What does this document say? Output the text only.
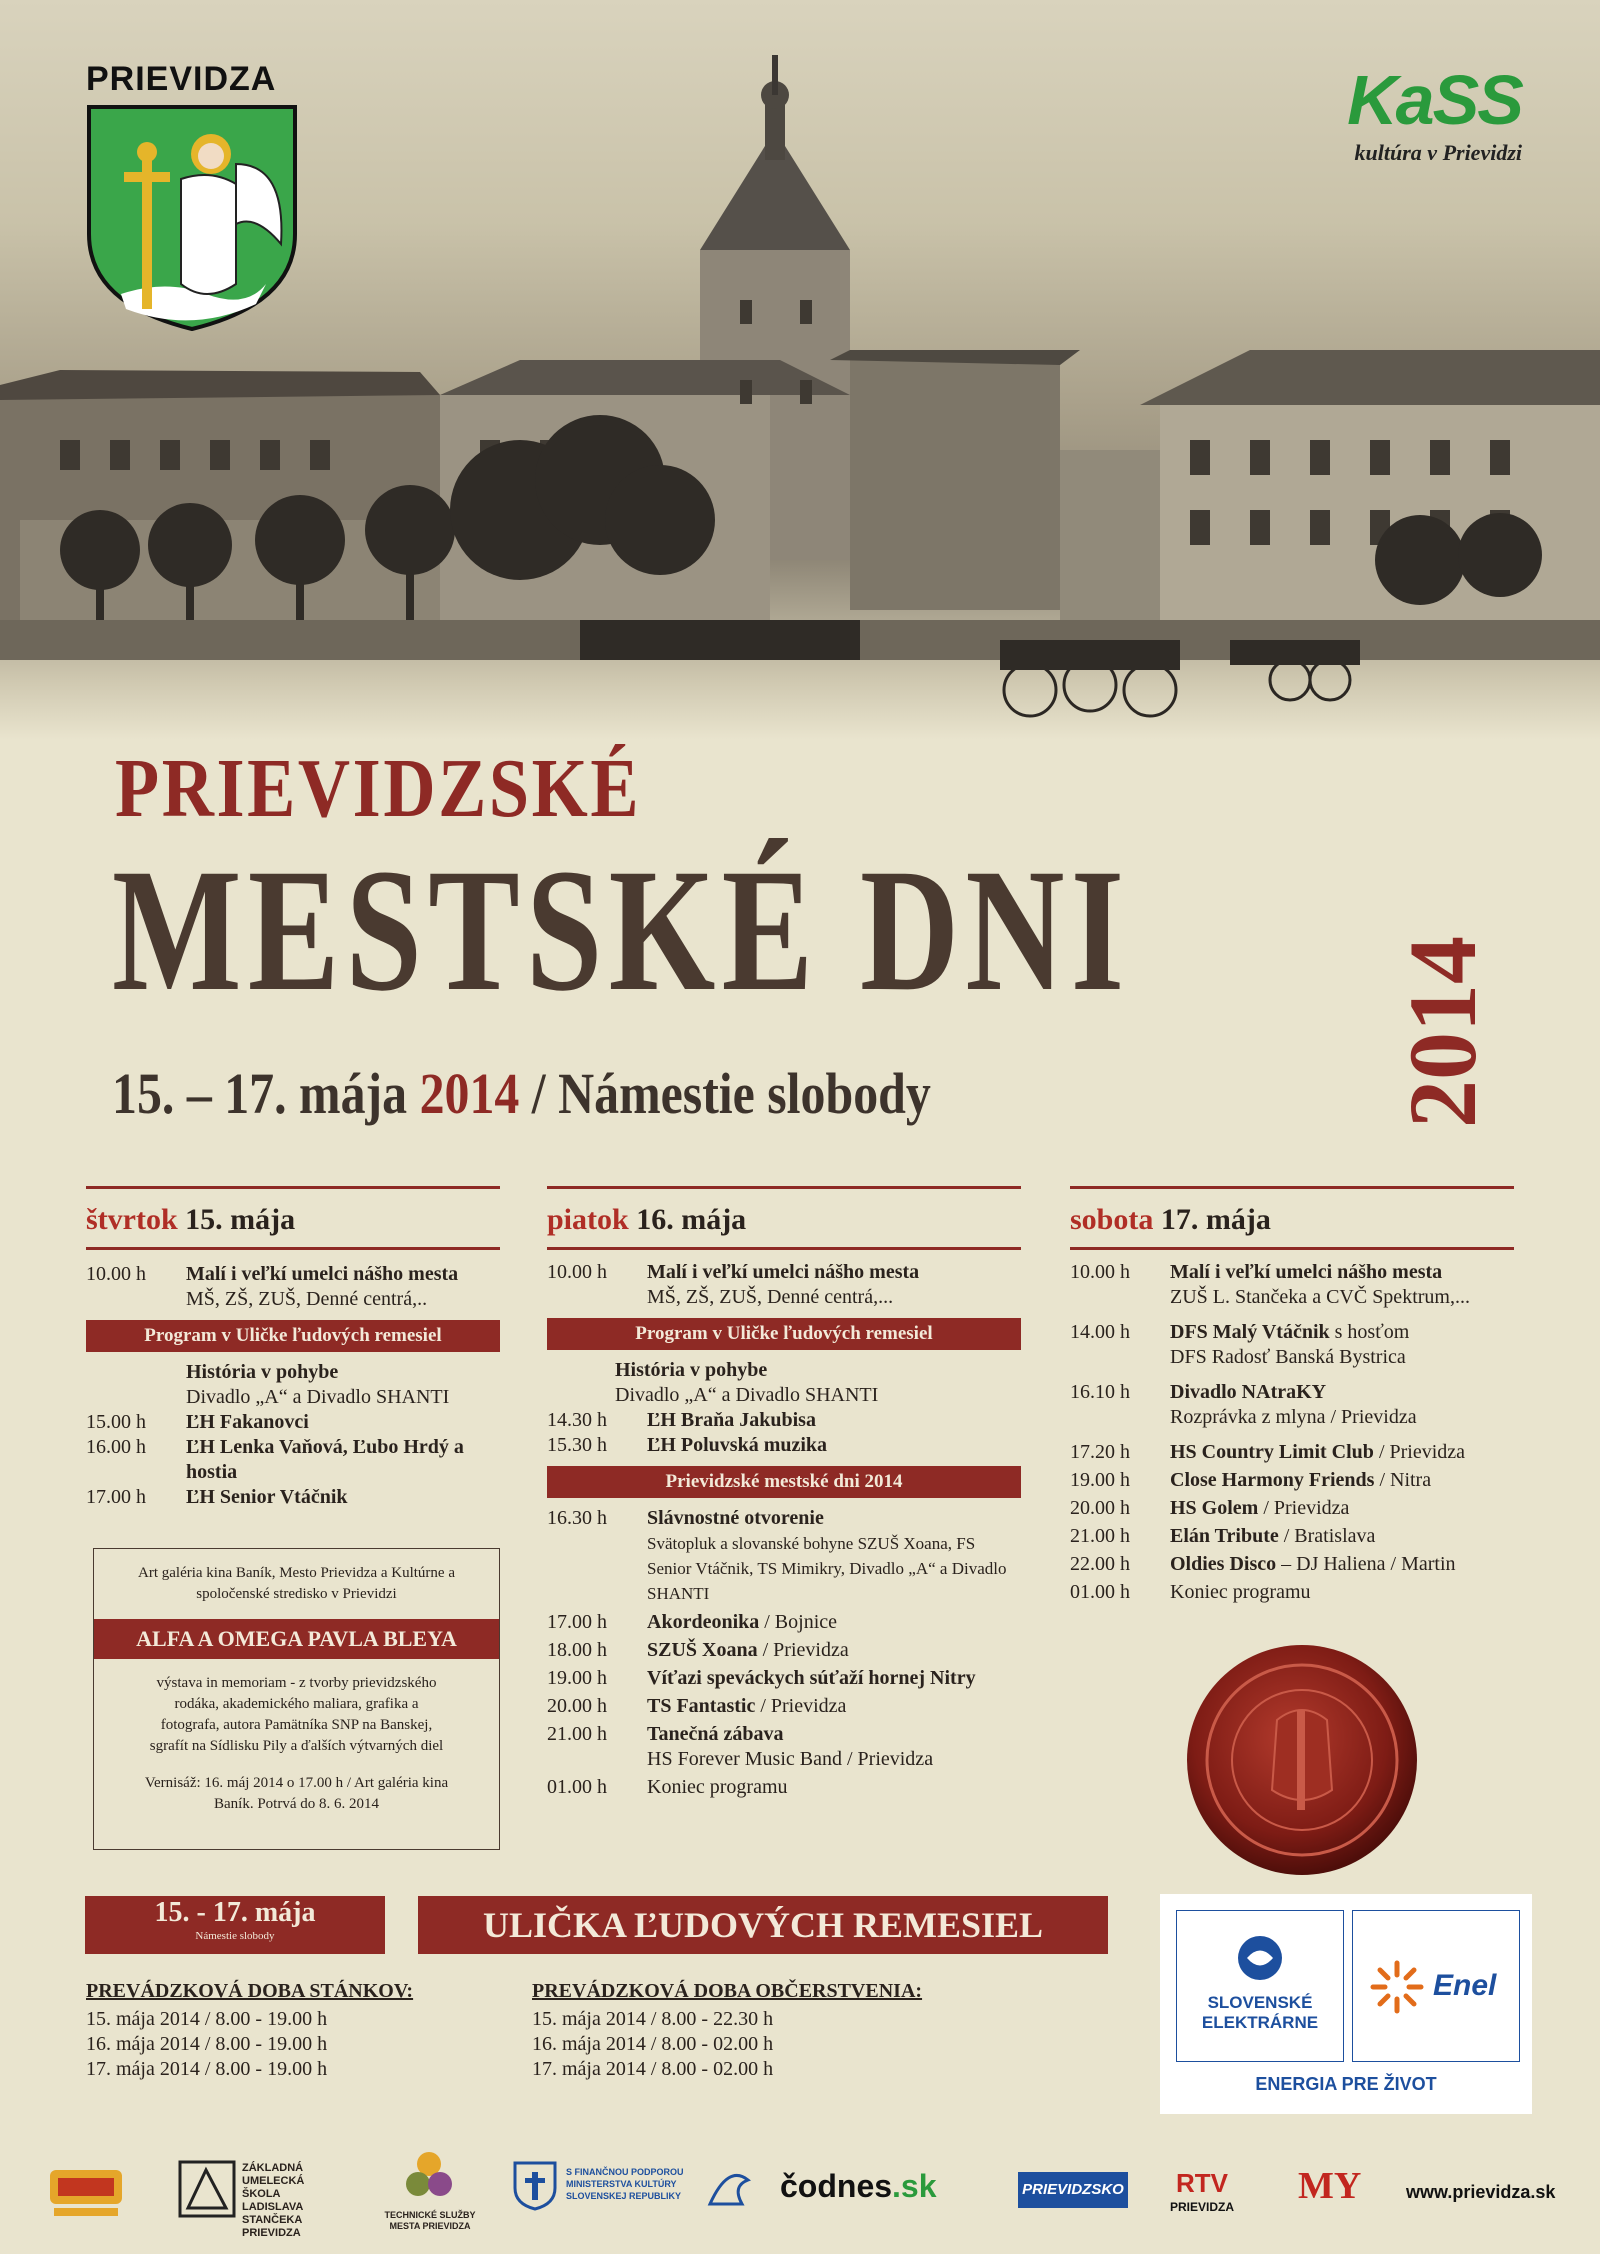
PRIEVIDZA	KaSS
kultúra v Prievidzi
PRIEVIDZSKÉ
MESTSKÉ DNI
15. – 17. mája 2014 / Námestie slobody	2014
štvrtok 15. mája
10.00 h	Malí i veľkí umelci nášho mesta
MŠ, ZŠ, ZUŠ, Denné centrá,..
Program v Uličke ľudových remesiel
História v pohybe
Divadlo „A“ a Divadlo SHANTI
15.00 h	ĽH Fakanovci
16.00 h	ĽH Lenka Vaňová, Ľubo Hrdý a hostia
17.00 h	ĽH Senior Vtáčnik
Art galéria kina Baník, Mesto Prievidza a Kultúrne a spoločenské stredisko v Prievidzi
ALFA A OMEGA PAVLA BLEYA
výstava in memoriam - z tvorby prievidzského rodáka, akademického maliara, grafika a fotografa, autora Pamätníka SNP na Banskej, sgrafít na Sídlisku Pily a ďalších výtvarných diel
Vernisáž: 16. máj 2014 o 17.00 h / Art galéria kina Baník. Potrvá do 8. 6. 2014
piatok 16. mája
10.00 h	Malí i veľkí umelci nášho mesta
MŠ, ZŠ, ZUŠ, Denné centrá,...
Program v Uličke ľudových remesiel
História v pohybe
Divadlo „A“ a Divadlo SHANTI
14.30 h	ĽH Braňa Jakubisa
15.30 h	ĽH Poluvská muzika
Prievidzské mestské dni 2014
16.30 h	Slávnostné otvorenie
Svätopluk a slovanské bohyne SZUŠ Xoana, FS Senior Vtáčnik, TS Mimikry, Divadlo „A“ a Divadlo SHANTI
17.00 h	Akordeonika / Bojnice
18.00 h	SZUŠ Xoana / Prievidza
19.00 h	Víťazi speváckych súťaží hornej Nitry
20.00 h	TS Fantastic / Prievidza
21.00 h	Tanečná zábava
HS Forever Music Band / Prievidza
01.00 h	Koniec programu
sobota 17. mája
10.00 h	Malí i veľkí umelci nášho mesta
ZUŠ L. Stančeka a CVČ Spektrum,...
14.00 h	DFS Malý Vtáčnik s hosťom
DFS Radosť Banská Bystrica
16.10 h	Divadlo NAtraKY
Rozprávka z mlyna / Prievidza
17.20 h	HS Country Limit Club / Prievidza
19.00 h	Close Harmony Friends / Nitra
20.00 h	HS Golem / Prievidza
21.00 h	Elán Tribute / Bratislava
22.00 h	Oldies Disco – DJ Haliena / Martin
01.00 h	Koniec programu
15. - 17. mája
Námestie slobody	ULIČKA ĽUDOVÝCH REMESIEL
PREVÁDZKOVÁ DOBA STÁNKOV:
15. mája 2014 / 8.00 - 19.00 h
16. mája 2014 / 8.00 - 19.00 h
17. mája 2014 / 8.00 - 19.00 h
PREVÁDZKOVÁ DOBA OBČERSTVENIA:
15. mája 2014 / 8.00 - 22.30 h
16. mája 2014 / 8.00 - 02.00 h
17. mája 2014 / 8.00 - 02.00 h
SLOVENSKÉ ELEKTRÁRNE
Enel
ENERGIA PRE ŽIVOT
ZÁKLADNÁ UMELECKÁ ŠKOLA LADISLAVA STANČEKA PRIEVIDZA
TECHNICKÉ SLUŽBY MESTA PRIEVIDZA
S FINANČNOU PODPOROU MINISTERSTVA KULTÚRY SLOVENSKEJ REPUBLIKY	čodnes.sk	PRIEVIDZSKO RTV
PRIEVIDZA MY www.prievidza.sk
